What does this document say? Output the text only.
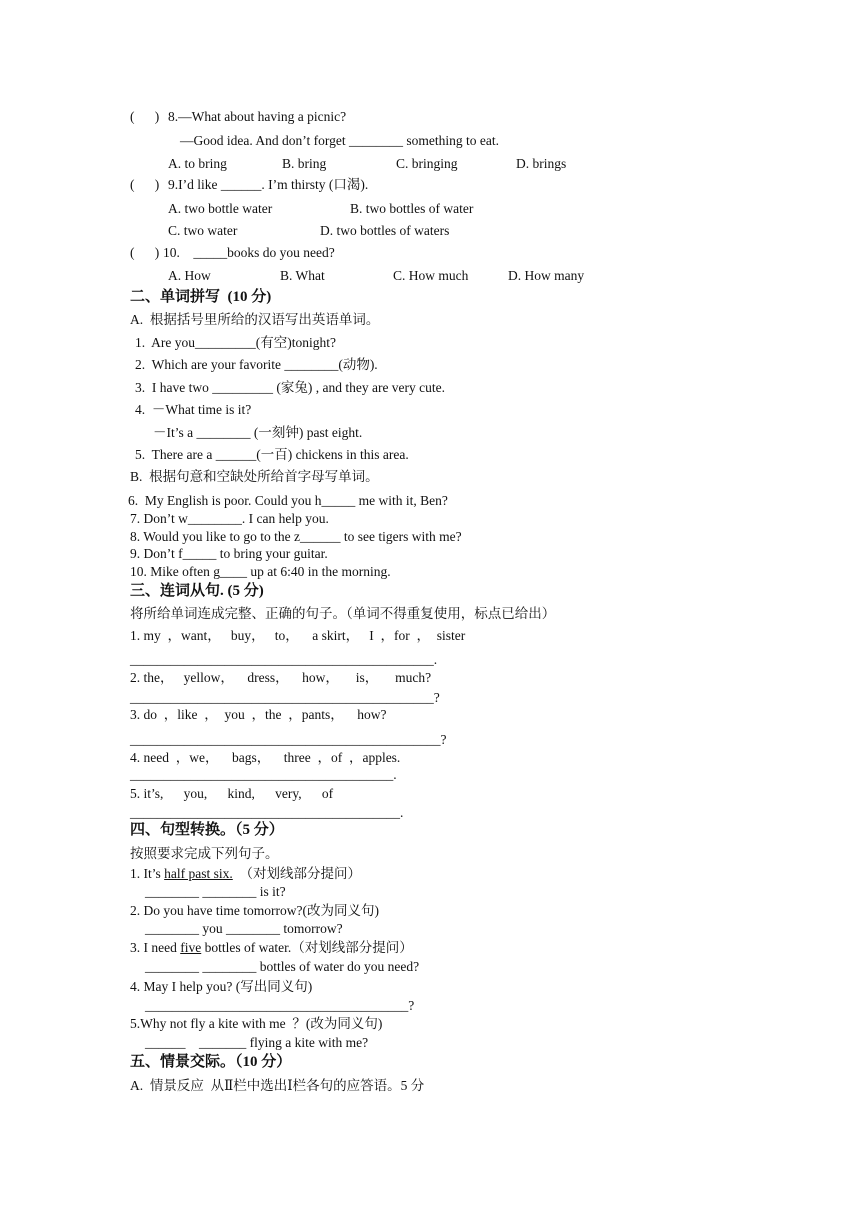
(      ) 8.—What about having a picnic?
—Good idea. And don’t forget ________ something to eat.
A. to bring	B. bring	C. bringing	D. brings
(      ) 9.I’d like ______. I’m thirsty (口渴).
A. two bottle water	B. two bottles of water
C. two water	D. two bottles of waters
(      ) 10.    _____books do you need?
A. How	B. What	C. How much	D. How many
二、单词拼写  (10 分)
A.  根据括号里所给的汉语写出英语单词。
1.  Are you_________(有空)tonight?
2.  Which are your favorite ________(动物).
3.  I have two _________ (家兔) , and they are very cute.
4.  －What time is it?
－It’s a ________ (一刻钟) past eight.
5.  There are a ______(一百) chickens in this area.
B.  根据句意和空缺处所给首字母写单词。
6.  My English is poor. Could you h_____ me with it, Ben?
7. Don’t w________. I can help you.
8. Would you like to go to the z______ to see tigers with me?
9. Don’t f_____ to bring your guitar.
10. Mike often g____ up at 6:40 in the morning.
三、连词从句. (5 分)
将所给单词连成完整、正确的句子。（单词不得重复使用，标点已给出）
1. my  ，want，   buy，   to，    a skirt，   I  ，for  ，  sister
_____________________________________________.
2. the，   yellow，    dress，    how，     is，     much?
_____________________________________________?
3. do  ，like  ，  you  ，the  ，pants，    how?
______________________________________________?
4. need  ，we，    bags，    three  ，of  ，apples.
_______________________________________.
5. it’s,      you,      kind,      very,      of
________________________________________.
四、句型转换。（5 分）
按照要求完成下列句子。
1. It’s half past six.  （对划线部分提问）
________ ________ is it?
2. Do you have time tomorrow?(改为同义句)
________ you ________ tomorrow?
3. I need five bottles of water.（对划线部分提问）
________ ________ bottles of water do you need?
4. May I help you? (写出同义句)
_______________________________________?
5.Why not fly a kite with me  ？(改为同义句)
______    _______ flying a kite with me?
五、情景交际。（10 分）
A.  情景反应  从Ⅱ栏中选出Ⅰ栏各句的应答语。5 分
